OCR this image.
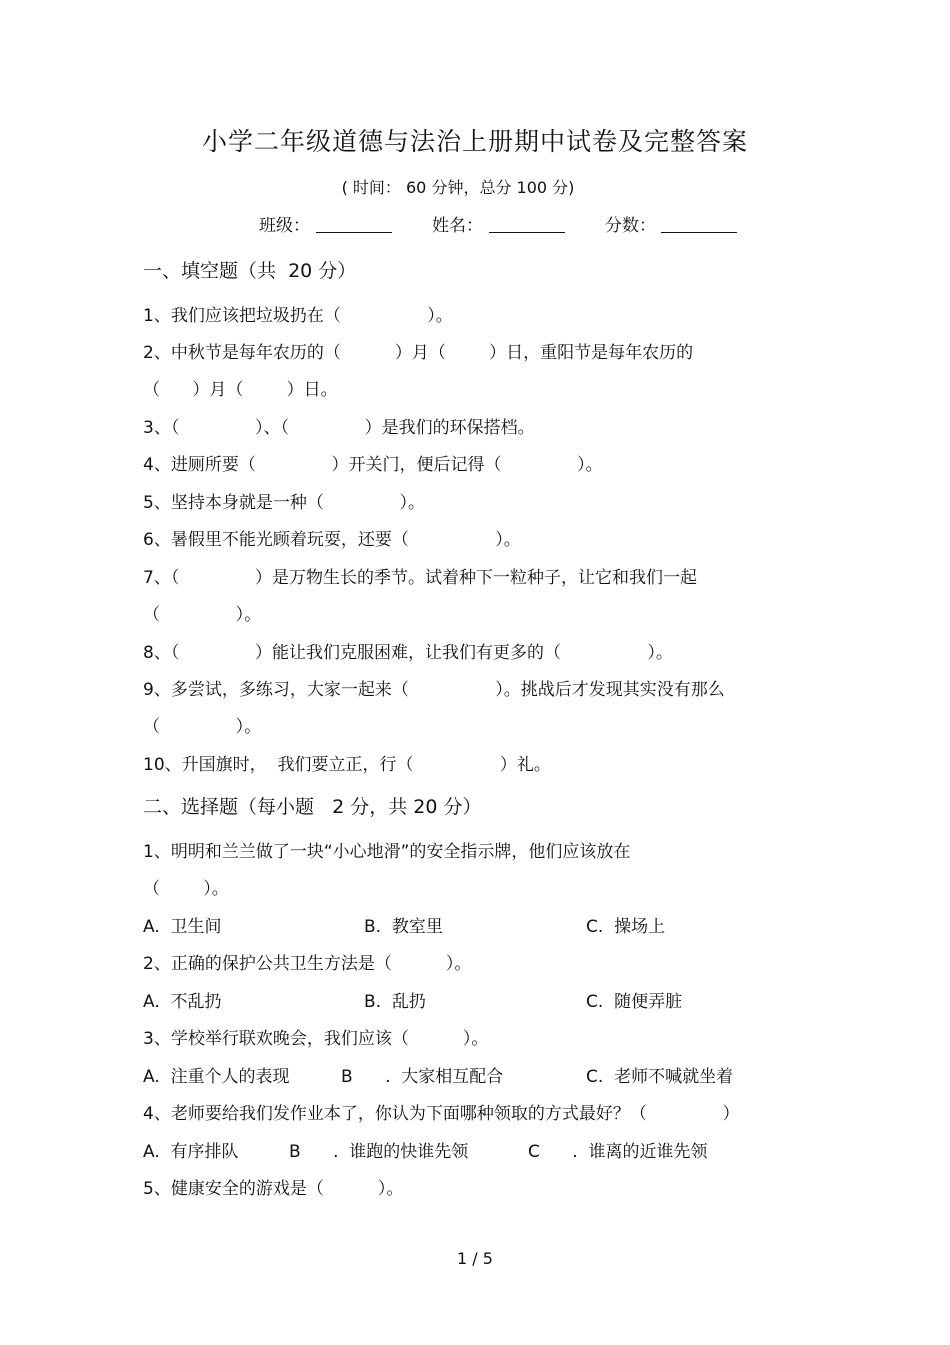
小学二年级道德与法治上册期中试卷及完整答案
( 时间： 60 分钟，总分 100 分)
班级：	姓名：	分数：
一、填空题（共  20 分）
1、我们应该把垃圾扔在（                ）。
2、中秋节是每年农历的（          ）月（        ）日，重阳节是每年农历的
（      ）月（        ）日。
3、（              ）、（              ）是我们的环保搭档。
4、进厕所要（              ）开关门，便后记得（              ）。
5、坚持本身就是一种（              ）。
6、暑假里不能光顾着玩耍，还要（                ）。
7、（              ）是万物生长的季节。试着种下一粒种子，让它和我们一起
（              ）。
8、（              ）能让我们克服困难，让我们有更多的（                ）。
9、多尝试，多练习，大家一起来（                ）。挑战后才发现其实没有那么
（              ）。
10、升国旗时，  我们要立正，行（                ）礼。
二、选择题（每小题   2 分，共 20 分）
1、明明和兰兰做了一块“小心地滑”的安全指示牌，他们应该放在
（        ）。
A.  卫生间	B.  教室里	C.  操场上
2、正确的保护公共卫生方法是（          ）。
A.  不乱扔	B.  乱扔	C.  随便弄脏
3、学校举行联欢晚会，我们应该（          ）。
A.  注重个人的表现	B      .  大家相互配合	C.  老师不喊就坐着
4、老师要给我们发作业本了，你认为下面哪种领取的方式最好？（              ）
A.  有序排队	B      .  谁跑的快谁先领	C      .  谁离的近谁先领
5、健康安全的游戏是（          ）。
1 / 5
